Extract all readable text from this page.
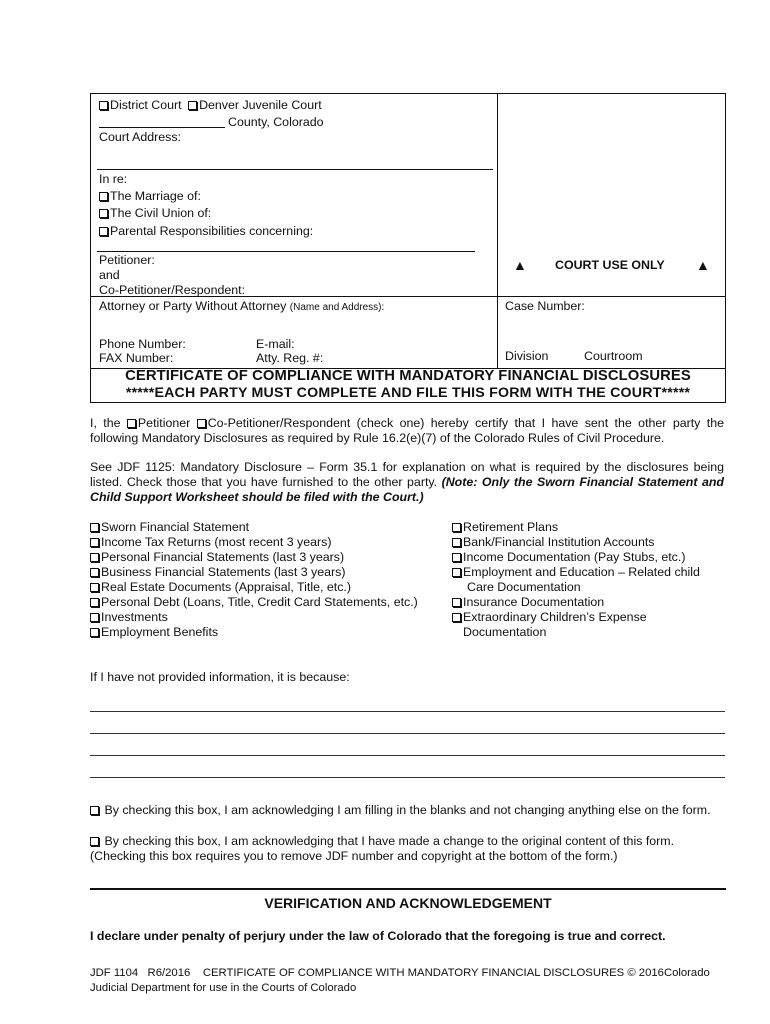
District Court Denver Juvenile Court
County, Colorado
Court Address:
In re:
The Marriage of:
The Civil Union of:
Parental Responsibilities concerning:
Petitioner:
and
Co-Petitioner/Respondent:
▲ COURT USE ONLY ▲
Attorney or Party Without Attorney (Name and Address):	Case Number:
Phone Number:	E-mail:
FAX Number:	Atty. Reg. #:	Division	Courtroom
CERTIFICATE OF COMPLIANCE WITH MANDATORY FINANCIAL DISCLOSURES
*****EACH PARTY MUST COMPLETE AND FILE THIS FORM WITH THE COURT*****
I, the Petitioner Co-Petitioner/Respondent (check one) hereby certify that I have sent the other party the following Mandatory Disclosures as required by Rule 16.2(e)(7) of the Colorado Rules of Civil Procedure.
See JDF 1125: Mandatory Disclosure – Form 35.1 for explanation on what is required by the disclosures being listed. Check those that you have furnished to the other party. (Note: Only the Sworn Financial Statement and Child Support Worksheet should be filed with the Court.)
Sworn Financial Statement
Income Tax Returns (most recent 3 years)
Personal Financial Statements (last 3 years)
Business Financial Statements (last 3 years)
Real Estate Documents (Appraisal, Title, etc.)
Personal Debt (Loans, Title, Credit Card Statements, etc.)
Investments
Employment Benefits
Retirement Plans
Bank/Financial Institution Accounts
Income Documentation (Pay Stubs, etc.)
Employment and Education – Related child
Care Documentation
Insurance Documentation
Extraordinary Children’s Expense
Documentation
If I have not provided information, it is because:
By checking this box, I am acknowledging I am filling in the blanks and not changing anything else on the form.
By checking this box, I am acknowledging that I have made a change to the original content of this form.
(Checking this box requires you to remove JDF number and copyright at the bottom of the form.)
VERIFICATION AND ACKNOWLEDGEMENT
I declare under penalty of perjury under the law of Colorado that the foregoing is true and correct.
JDF 1104   R6/2016    CERTIFICATE OF COMPLIANCE WITH MANDATORY FINANCIAL DISCLOSURES © 2016Colorado
Judicial Department for use in the Courts of Colorado
